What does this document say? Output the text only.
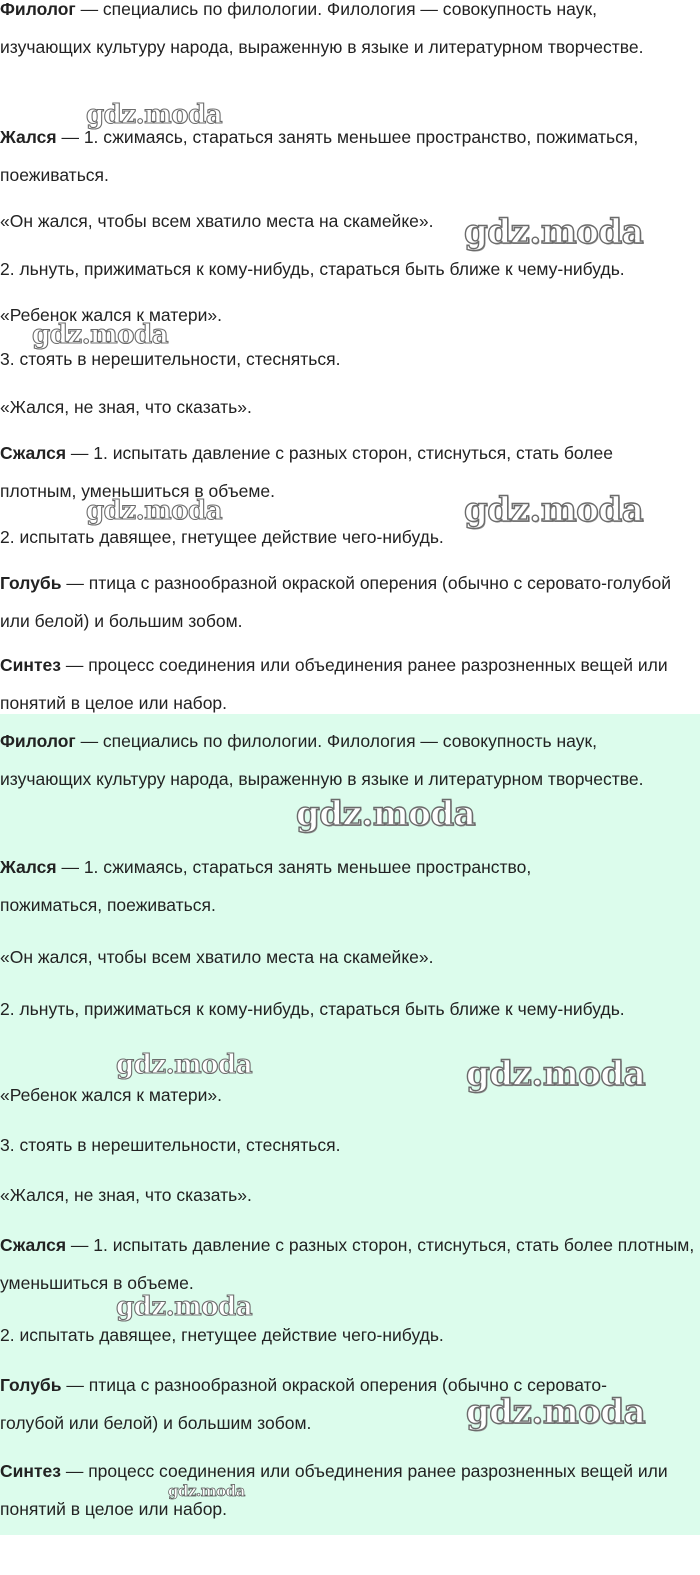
Филолог — специались по филологии. Филология — совокупность наук, изучающих культуру народа, выраженную в языке и литературном творчестве.

Жался — 1. сжимаясь, стараться занять меньшее пространство, пожиматься, поеживаться.

«Он жался, чтобы всем хватило места на скамейке».

2. льнуть, прижиматься к кому-нибудь, стараться быть ближе к чему-нибудь.

«Ребенок жался к матери».

3. стоять в нерешительности, стесняться.

«Жался, не зная, что сказать».

Сжался — 1. испытать давление с разных сторон, стиснуться, стать более плотным, уменьшиться в объеме.

2. испытать давящее, гнетущее действие чего-нибудь.

Голубь — птица с разнообразной окраской оперения (обычно с серовато-голубой или белой) и большим зобом.

Синтез — процесс соединения или объединения ранее разрозненных вещей или понятий в целое или набор.

gdz.moda
gdz.moda
gdz.moda
gdz.moda	gdz.moda

Филолог — специались по филологии. Филология — совокупность наук, изучающих культуру народа, выраженную в языке и литературном творчестве.

Жался — 1. сжимаясь, стараться занять меньшее пространство, пожиматься, поеживаться.

«Он жался, чтобы всем хватило места на скамейке».

2. льнуть, прижиматься к кому-нибудь, стараться быть ближе к чему-нибудь.

«Ребенок жался к матери».

3. стоять в нерешительности, стесняться.

«Жался, не зная, что сказать».

Сжался — 1. испытать давление с разных сторон, стиснуться, стать более плотным, уменьшиться в объеме.

2. испытать давящее, гнетущее действие чего-нибудь.

Голубь — птица с разнообразной окраской оперения (обычно с серовато-голубой или белой) и большим зобом.

Синтез — процесс соединения или объединения ранее разрозненных вещей или понятий в целое или набор.

gdz.moda
gdz.moda	gdz.moda
gdz.moda
gdz.moda
gdz.moda
